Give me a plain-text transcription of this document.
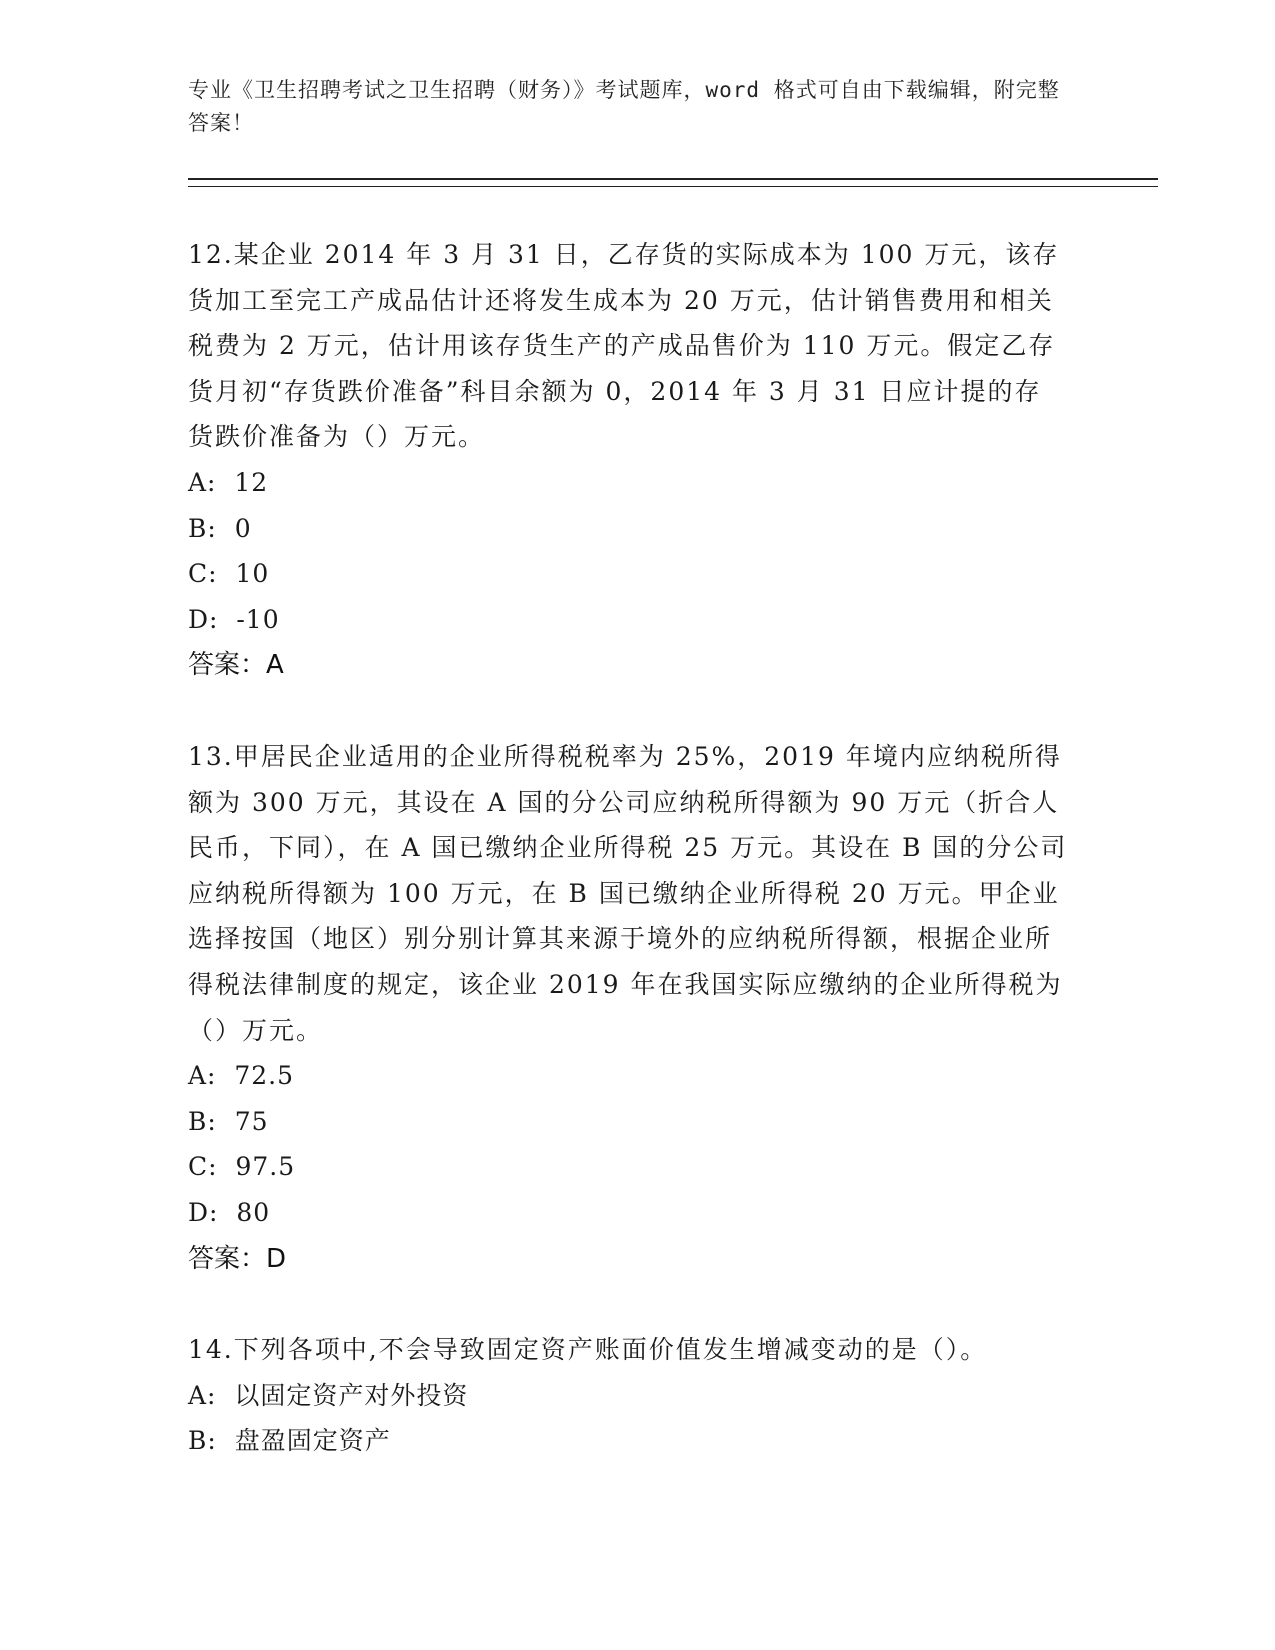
专业《卫生招聘考试之卫生招聘（财务）》考试题库，word 格式可自由下载编辑，附完整答案！

12.某企业 2014 年 3 月 31 日，乙存货的实际成本为 100 万元，该存货加工至完工产成品估计还将发生成本为 20 万元，估计销售费用和相关税费为 2 万元，估计用该存货生产的产成品售价为 110 万元。假定乙存货月初“存货跌价准备”科目余额为 0，2014 年 3 月 31 日应计提的存货跌价准备为（）万元。

A:  12

B:  0

C:  10

D:  -10

答案：A

13.甲居民企业适用的企业所得税税率为 25%，2019 年境内应纳税所得额为 300 万元，其设在 A 国的分公司应纳税所得额为 90 万元（折合人民币，下同），在 A 国已缴纳企业所得税 25 万元。其设在 B 国的分公司应纳税所得额为 100 万元，在 B 国已缴纳企业所得税 20 万元。甲企业选择按国（地区）别分别计算其来源于境外的应纳税所得额，根据企业所得税法律制度的规定，该企业 2019 年在我国实际应缴纳的企业所得税为（）万元。

A:  72.5

B:  75

C:  97.5

D:  80

答案：D

14.下列各项中,不会导致固定资产账面价值发生增减变动的是（）。

A:  以固定资产对外投资

B:  盘盈固定资产
